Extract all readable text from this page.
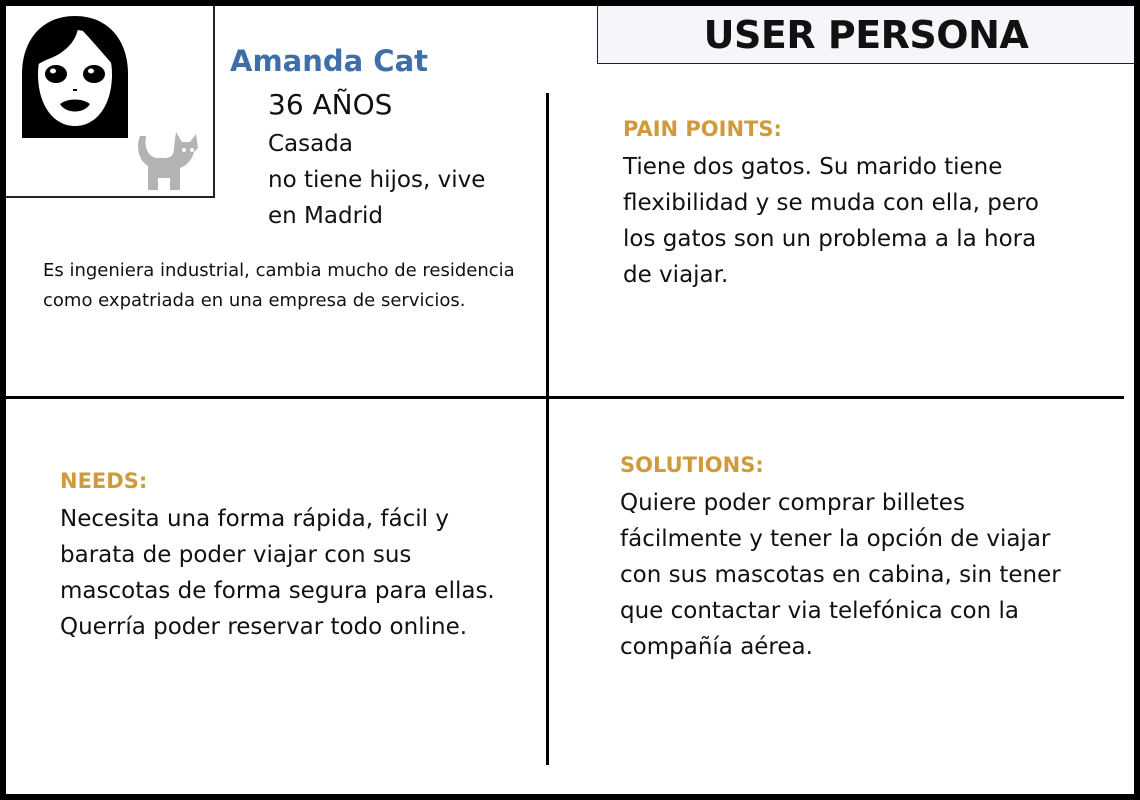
USER PERSONA
Amanda Cat
36 AÑOS
Casada
no tiene hijos, vive
en Madrid
Es ingeniera industrial, cambia mucho de residencia como expatriada en una empresa de servicios.
PAIN POINTS:
Tiene dos gatos. Su marido tiene flexibilidad y se muda con ella, pero los gatos son un problema a la hora de viajar.
NEEDS:
Necesita una forma rápida, fácil y barata de poder viajar con sus mascotas de forma segura para ellas. Querría poder reservar todo online.
SOLUTIONS:
Quiere poder comprar billetes fácilmente y tener la opción de viajar con sus mascotas en cabina, sin tener que contactar via telefónica con la compañía aérea.
